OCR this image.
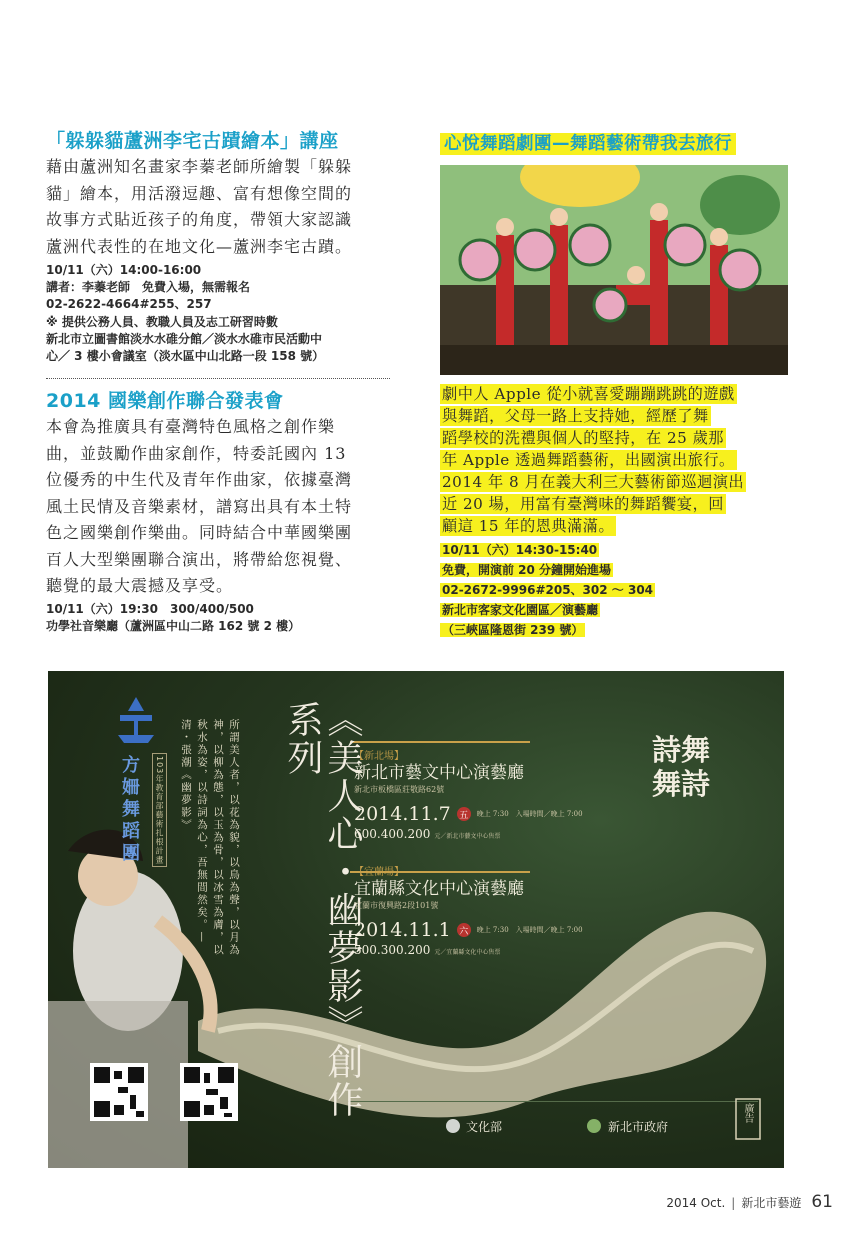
「躲躲貓蘆洲李宅古蹟繪本」講座
藉由蘆洲知名畫家李蓁老師所繪製「躲躲
貓」繪本，用活潑逗趣、富有想像空間的
故事方式貼近孩子的角度，帶領大家認識
蘆洲代表性的在地文化—蘆洲李宅古蹟。
10/11（六）14:00-16:00
講者：李蓁老師　免費入場，無需報名
02-2622-4664#255、257
※ 提供公務人員、教職人員及志工研習時數
新北市立圖書館淡水水碓分館／淡水水碓市民活動中
心／ 3 樓小會議室（淡水區中山北路一段 158 號）
2014 國樂創作聯合發表會
本會為推廣具有臺灣特色風格之創作樂
曲，並鼓勵作曲家創作，特委託國內 13
位優秀的中生代及青年作曲家，依據臺灣
風土民情及音樂素材，譜寫出具有本土特
色之國樂創作樂曲。同時結合中華國樂團
百人大型樂團聯合演出，將帶給您視覺、
聽覺的最大震撼及享受。
10/11（六）19:30　300/400/500
功學社音樂廳（蘆洲區中山二路 162 號 2 樓）
心悅舞蹈劇團—舞蹈藝術帶我去旅行
劇中人 Apple 從小就喜愛蹦蹦跳跳的遊戲
與舞蹈，父母一路上支持她，經歷了舞
蹈學校的洗禮與個人的堅持，在 25 歲那
年 Apple 透過舞蹈藝術，出國演出旅行。
2014 年 8 月在義大利三大藝術節巡迴演出
近 20 場，用富有臺灣味的舞蹈饗宴，回
顧這 15 年的恩典滿滿。
10/11（六）14:30-15:40
免費，開演前 20 分鐘開始進場
02-2672-9996#205、302 ～ 304
新北市客家文化園區／演藝廳
（三峽區隆恩街 239 號）
方姍舞蹈團	103年教育部藝術扎根計畫	所謂美人者，以花為貌，以鳥為聲，以月為神，以柳為態，以玉為骨，以冰雪為膚，以秋水為姿，以詩詞為心，吾無間然矣。—清・張潮《幽夢影》	《美人心・幽夢影》創作系列	詩舞
舞詩
【新北場】
新北市藝文中心演藝廳
新北市板橋區莊敬路62號
2014.11.7 五	晚上 7:30　入場時間／晚上 7:00
600.400.200 元／新北市藝文中心售票
【宜蘭場】
宜蘭縣文化中心演藝廳
宜蘭市復興路2段101號
2014.11.1 六	晚上 7:30　入場時間／晚上 7:00
500.300.200 元／宜蘭縣文化中心售票
文化部	新北市政府
廣告
2014 Oct. | 新北市藝遊 61
